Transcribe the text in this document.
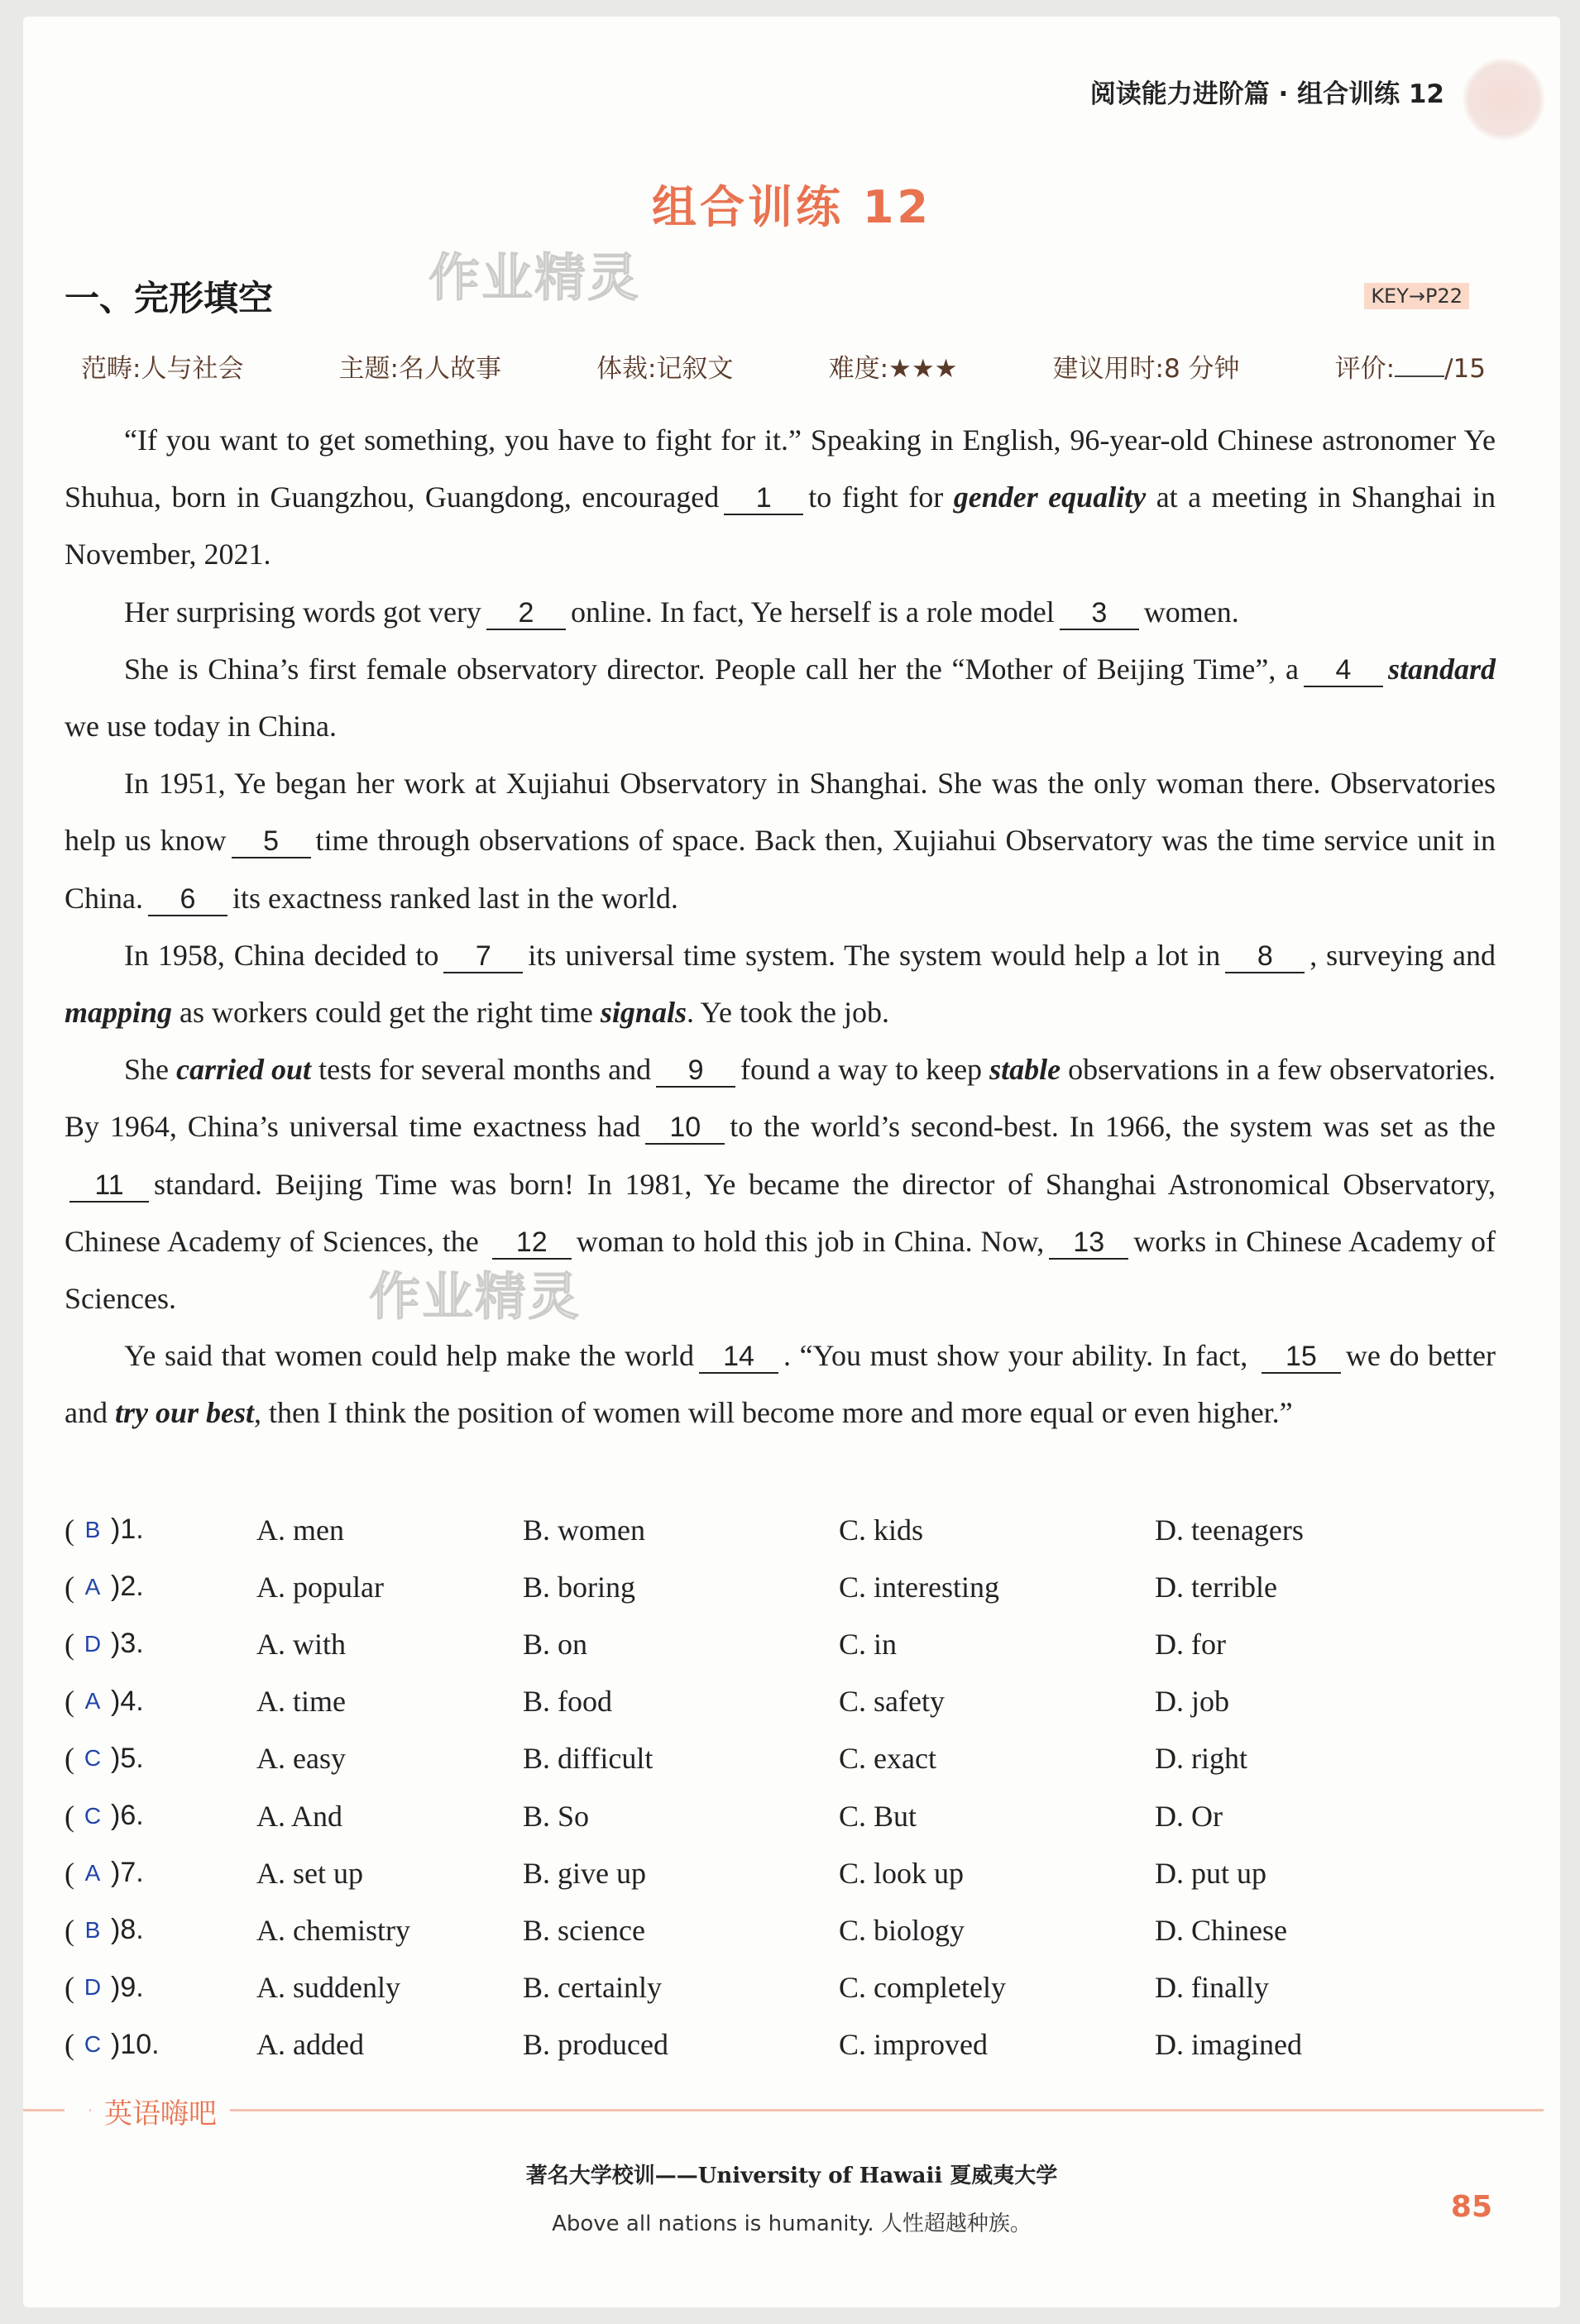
阅读能力进阶篇 · 组合训练 12
组合训练 12
作业精灵
作业精灵
一、完形填空	KEY→P22
范畴:人与社会	主题:名人故事	体裁:记叙文	难度:★★★	建议用时:8 分钟	评价: /15

“If you want to get something, you have to fight for it.” Speaking in English, 96-year-old Chinese astronomer Ye Shuhua, born in Guangzhou, Guangdong, encouraged 1 to fight for gender equality at a meeting in Shanghai in November, 2021.

Her surprising words got very 2 online. In fact, Ye herself is a role model 3 women.

She is China’s first female observatory director. People call her the “Mother of Beijing Time”, a 4 standard we use today in China.

In 1951, Ye began her work at Xujiahui Observatory in Shanghai. She was the only woman there. Observatories help us know 5 time through observations of space. Back then, Xujiahui Observatory was the time service unit in China. 6 its exactness ranked last in the world.

In 1958, China decided to 7 its universal time system. The system would help a lot in 8 , surveying and mapping as workers could get the right time signals. Ye took the job.

She carried out tests for several months and 9 found a way to keep stable observations in a few observatories. By 1964, China’s universal time exactness had 10 to the world’s second-best. In 1966, the system was set as the11 standard. Beijing Time was born! In 1981, Ye became the director of Shanghai Astronomical Observatory, Chinese Academy of Sciences, the 12 woman to hold this job in China. Now, 13 works in Chinese Academy of Sciences.

Ye said that women could help make the world 14 . “You must show your ability. In fact, 15 we do better and try our best, then I think the position of women will become more and more equal or even higher.”

( B )1.	A. men	B. women	C. kids	D. teenagers
( A )2.	A. popular	B. boring	C. interesting	D. terrible
( D )3.	A. with	B. on	C. in	D. for
( A )4.	A. time	B. food	C. safety	D. job
( C )5.	A. easy	B. difficult	C. exact	D. right
( C )6.	A. And	B. So	C. But	D. Or
( A )7.	A. set up	B. give up	C. look up	D. put up
( B )8.	A. chemistry	B. science	C. biology	D. Chinese
( D )9.	A. suddenly	B. certainly	C. completely	D. finally
( C )10.	A. added	B. produced	C. improved	D. imagined
英语嗨吧
著名大学校训——University of Hawaii 夏威夷大学
Above all nations is humanity. 人性超越种族。	85
